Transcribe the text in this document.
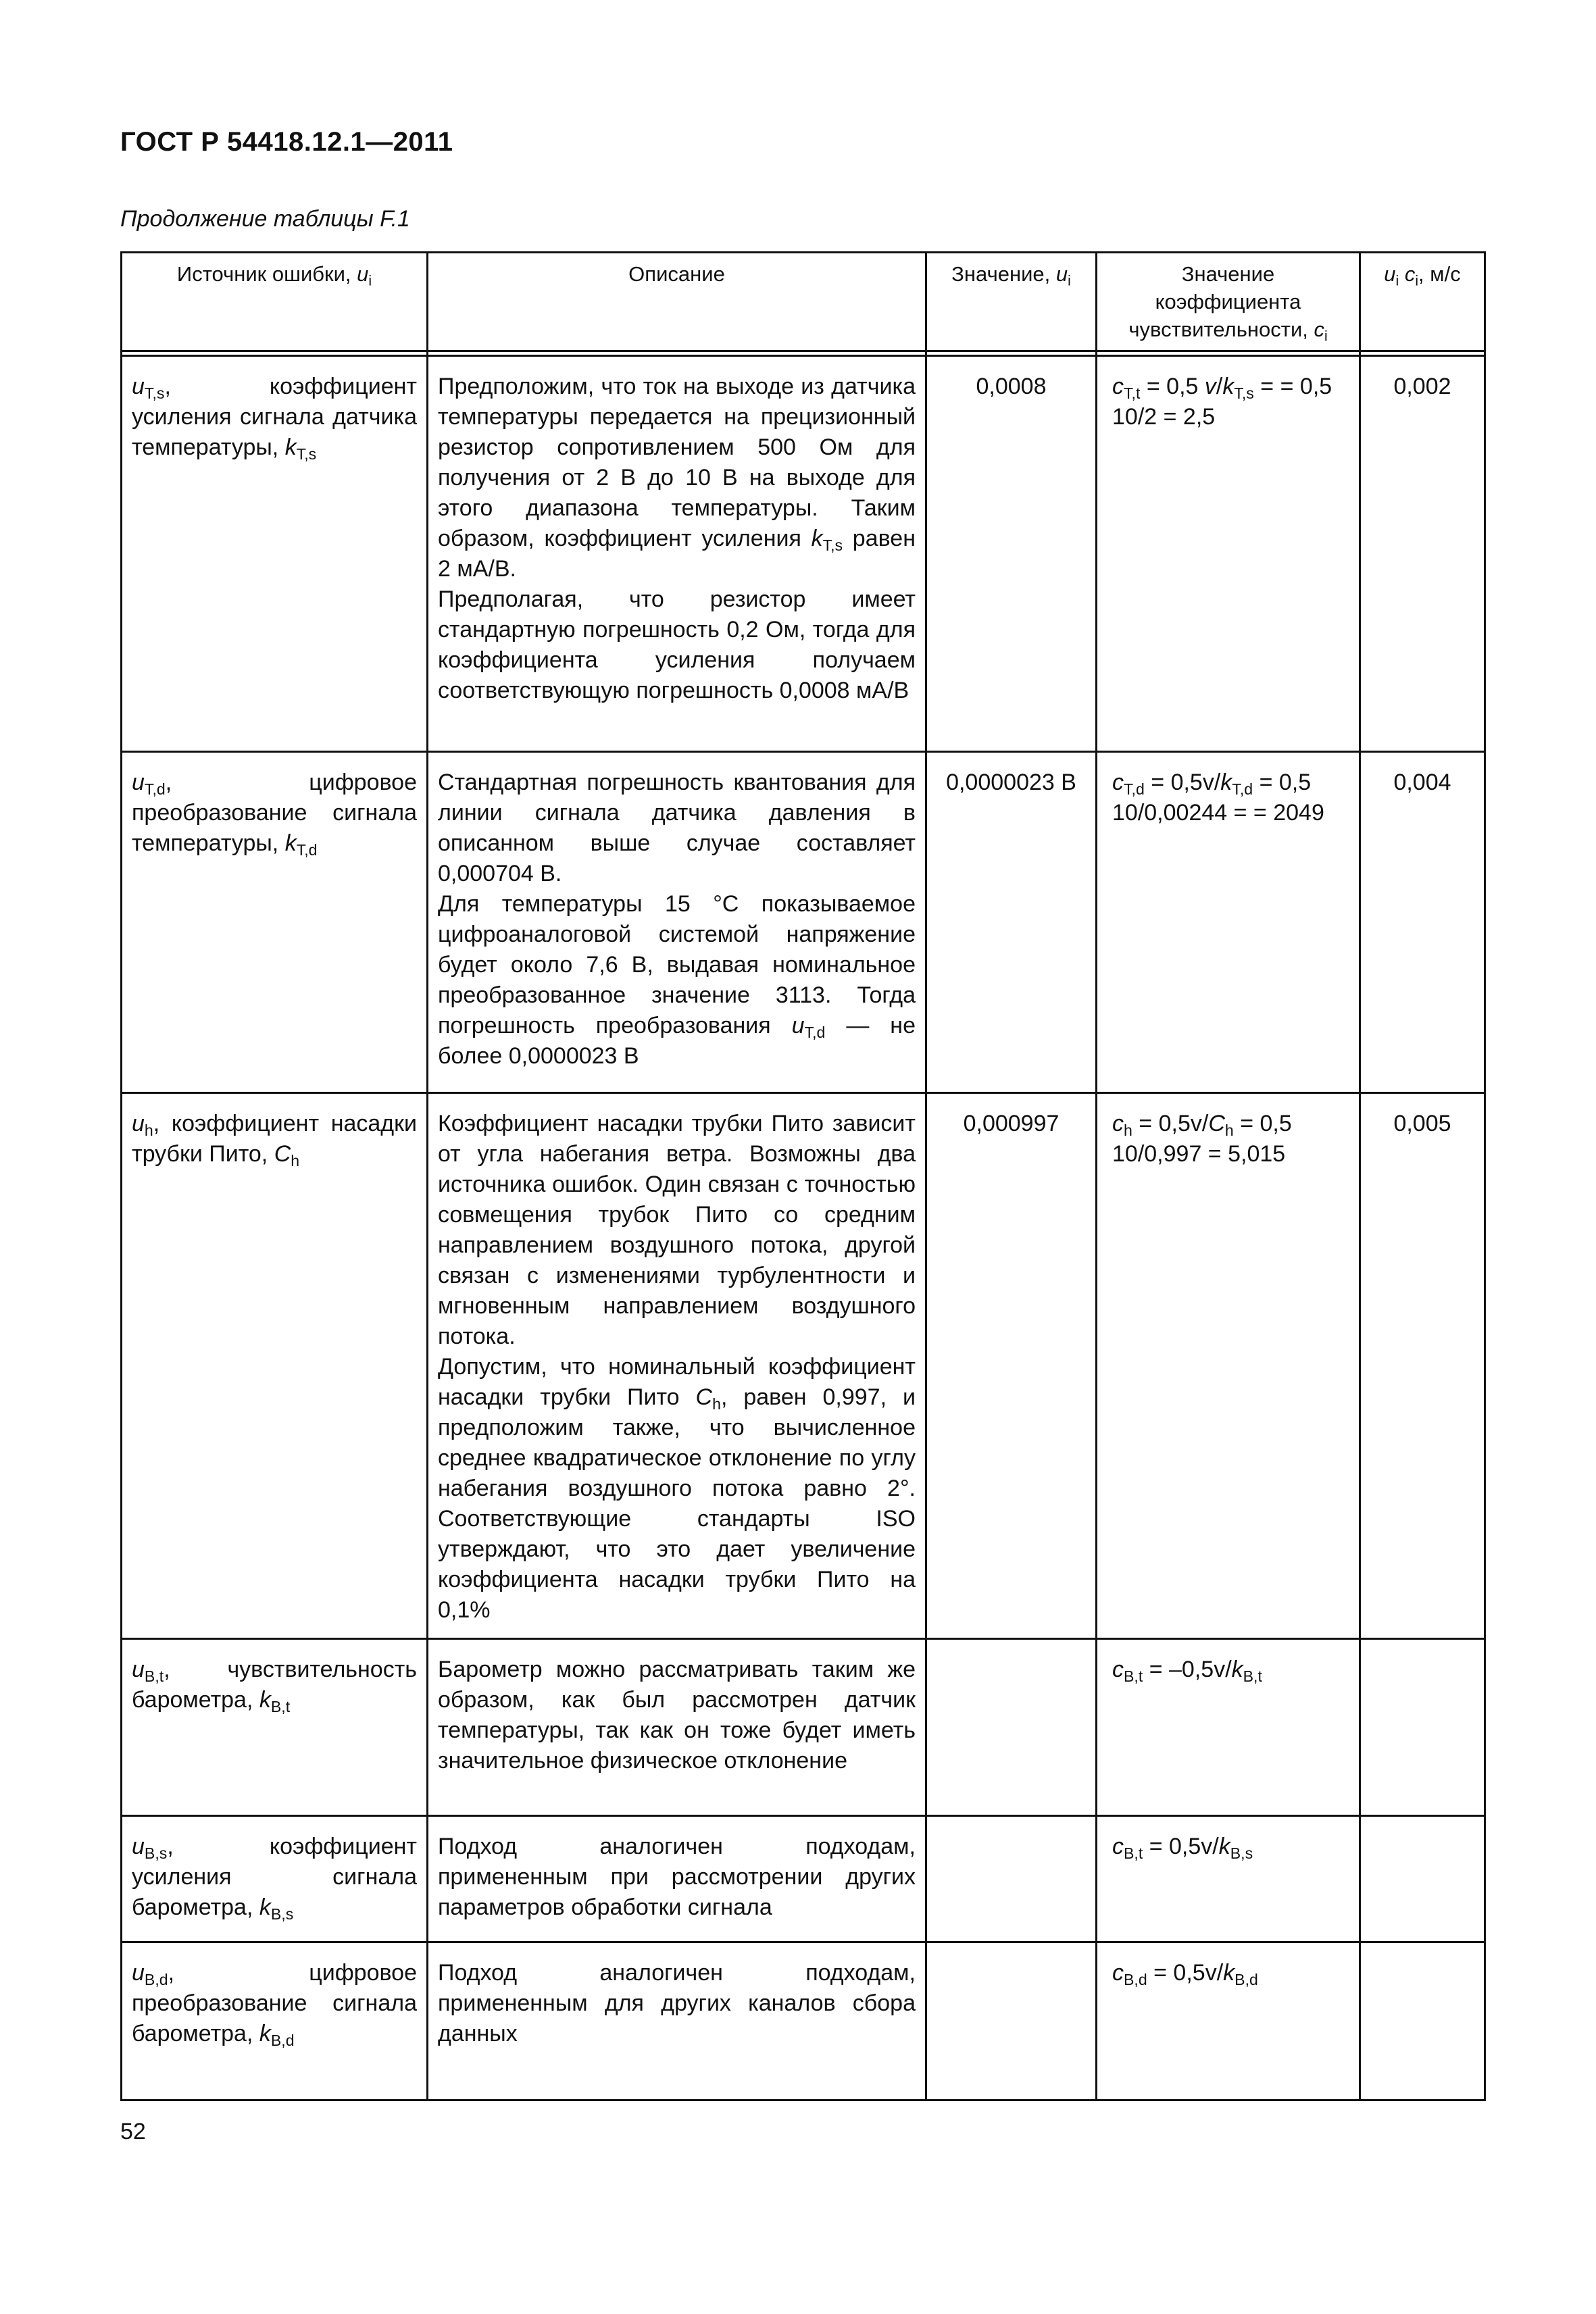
ГОСТ Р 54418.12.1—2011
Продолжение таблицы F.1
Источник ошибки, $u_i$	Описание	Значение, $u_i$	Значение коэффициента чувствительности, $c_i$	$u_i$ $c_i$, м/с

$u_{T,s}$, коэффициент усиления сигнала датчика температуры, $k_{T,s}$	Предположим, что ток на выходе из датчика температуры передается на прецизионный резистор сопротивлением 500 Ом для получения от 2 В до 10 В на выходе для этого диапазона температуры. Таким образом, коэффициент усиления $k_{T,s}$ равен 2 мА/В.
Предполагая, что резистор имеет стандартную погрешность 0,2 Ом, тогда для коэффициента усиления получаем соответствующую погрешность 0,0008 мА/В	0,0008	$c_{T,t} = 0,5$ $v/k_{T,s}$ = = 0,5 10/2 = 2,5	0,002
$u_{T,d}$, цифровое преобразование сигнала температуры, $k_{T,d}$	Стандартная погрешность квантования для линии сигнала датчика давления в описанном выше случае составляет 0,000704 В.
Для температуры 15 °С показываемое цифроаналоговой системой напряжение будет около 7,6 В, выдавая номинальное преобразованное значение 3113. Тогда погрешность преобразования $u_{T,d}$ — не более 0,0000023 В	0,0000023 В	$c_{T,d} = 0,5v/k_{T,d} = 0,5$ 10/0,00244 = = 2049	0,004
$u_h$, коэффициент насадки трубки Пито, $C_h$	Коэффициент насадки трубки Пито зависит от угла набегания ветра. Возможны два источника ошибок. Один связан с точностью совмещения трубок Пито со средним направлением воздушного потока, другой связан с изменениями турбулентности и мгновенным направлением воздушного потока.
Допустим, что номинальный коэффициент насадки трубки Пито $C_h$, равен 0,997, и предположим также, что вычисленное среднее квадратическое отклонение по углу набегания воздушного потока равно 2°. Соответствующие стандарты ISO утверждают, что это дает увеличение коэффициента насадки трубки Пито на 0,1%	0,000997	$c_h = 0,5v/C_h = 0,5$ 10/0,997 = 5,015	0,005
$u_{B,t}$, чувствительность барометра, $k_{B,t}$	Барометр можно рассматривать таким же образом, как был рассмотрен датчик температуры, так как он тоже будет иметь значительное физическое отклонение		$c_{B,t} = -0,5v/k_{B,t}$	
$u_{B,s}$, коэффициент усиления сигнала барометра, $k_{B,s}$	Подход аналогичен подходам, примененным при рассмотрении других параметров обработки сигнала		$c_{B,t} = 0,5v/k_{B,s}$	
$u_{B,d}$, цифровое преобразование сигнала барометра, $k_{B,d}$	Подход аналогичен подходам, примененным для других каналов сбора данных		$c_{B,d} = 0,5v/k_{B,d}$	
52
